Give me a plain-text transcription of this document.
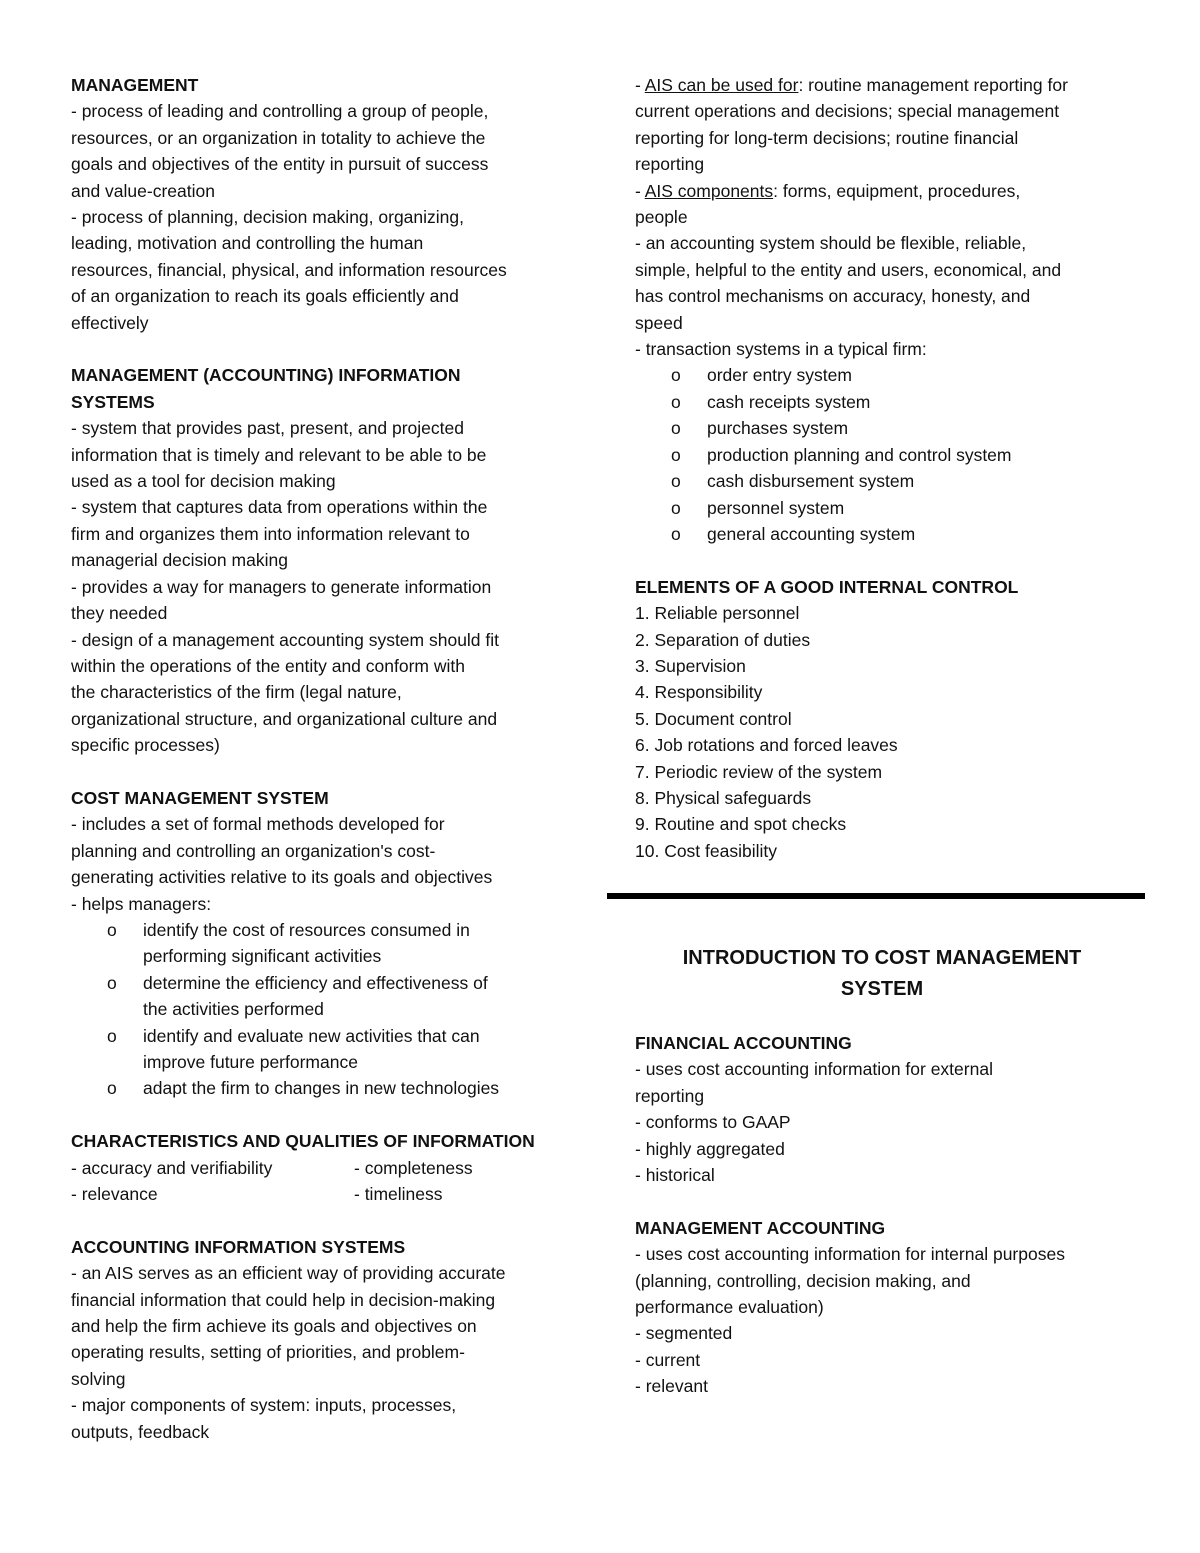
MANAGEMENT
- process of leading and controlling a group of people,
resources, or an organization in totality to achieve the
goals and objectives of the entity in pursuit of success
and value-creation
- process of planning, decision making, organizing,
leading, motivation and controlling the human
resources, financial, physical, and information resources
of an organization to reach its goals efficiently and
effectively
MANAGEMENT (ACCOUNTING) INFORMATION
SYSTEMS
- system that provides past, present, and projected
information that is timely and relevant to be able to be
used as a tool for decision making
- system that captures data from operations within the
firm and organizes them into information relevant to
managerial decision making
- provides a way for managers to generate information
they needed
- design of a management accounting system should fit
within the operations of the entity and conform with
the characteristics of the firm (legal nature,
organizational structure, and organizational culture and
specific processes)
COST MANAGEMENT SYSTEM
- includes a set of formal methods developed for
planning and controlling an organization's cost-
generating activities relative to its goals and objectives
- helps managers:
o identify the cost of resources consumed in
performing significant activities
o determine the efficiency and effectiveness of
the activities performed
o identify and evaluate new activities that can
improve future performance
o adapt the firm to changes in new technologies
CHARACTERISTICS AND QUALITIES OF INFORMATION
- accuracy and verifiability	- completeness
- relevance	- timeliness
ACCOUNTING INFORMATION SYSTEMS
- an AIS serves as an efficient way of providing accurate
financial information that could help in decision-making
and help the firm achieve its goals and objectives on
operating results, setting of priorities, and problem-
solving
- major components of system: inputs, processes,
outputs, feedback
- AIS can be used for: routine management reporting for
current operations and decisions; special management
reporting for long-term decisions; routine financial
reporting
- AIS components: forms, equipment, procedures,
people
- an accounting system should be flexible, reliable,
simple, helpful to the entity and users, economical, and
has control mechanisms on accuracy, honesty, and
speed
- transaction systems in a typical firm:
o order entry system
o cash receipts system
o purchases system
o production planning and control system
o cash disbursement system
o personnel system
o general accounting system
ELEMENTS OF A GOOD INTERNAL CONTROL
1. Reliable personnel
2. Separation of duties
3. Supervision
4. Responsibility
5. Document control
6. Job rotations and forced leaves
7. Periodic review of the system
8. Physical safeguards
9. Routine and spot checks
10. Cost feasibility
INTRODUCTION TO COST MANAGEMENT
SYSTEM
FINANCIAL ACCOUNTING
- uses cost accounting information for external
reporting
- conforms to GAAP
- highly aggregated
- historical
MANAGEMENT ACCOUNTING
- uses cost accounting information for internal purposes
(planning, controlling, decision making, and
performance evaluation)
- segmented
- current
- relevant
